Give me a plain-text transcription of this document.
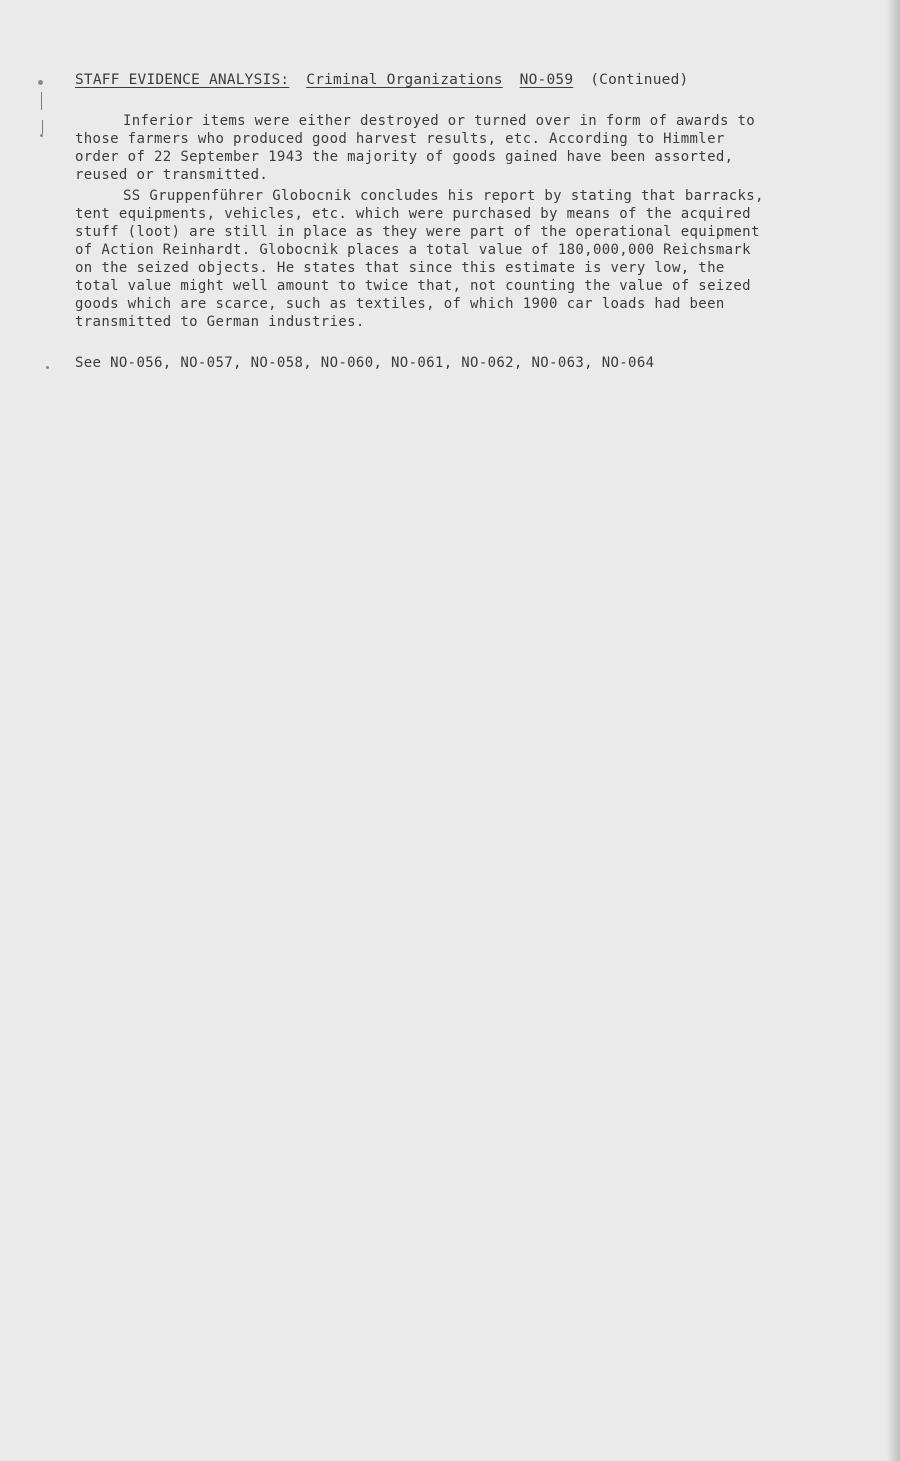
STAFF EVIDENCE ANALYSIS: Criminal Organizations NO-059 (Continued)
Inferior items were either destroyed or turned over in form of awards to
those farmers who produced good harvest results, etc. According to Himmler
order of 22 September 1943 the majority of goods gained have been assorted,
reused or transmitted.
SS Gruppenführer Globocnik concludes his report by stating that barracks,
tent equipments, vehicles, etc. which were purchased by means of the acquired
stuff (loot) are still in place as they were part of the operational equipment
of Action Reinhardt. Globocnik places a total value of 180,000,000 Reichsmark
on the seized objects. He states that since this estimate is very low, the
total value might well amount to twice that, not counting the value of seized
goods which are scarce, such as textiles, of which 1900 car loads had been
transmitted to German industries.
See NO-056, NO-057, NO-058, NO-060, NO-061, NO-062, NO-063, NO-064
